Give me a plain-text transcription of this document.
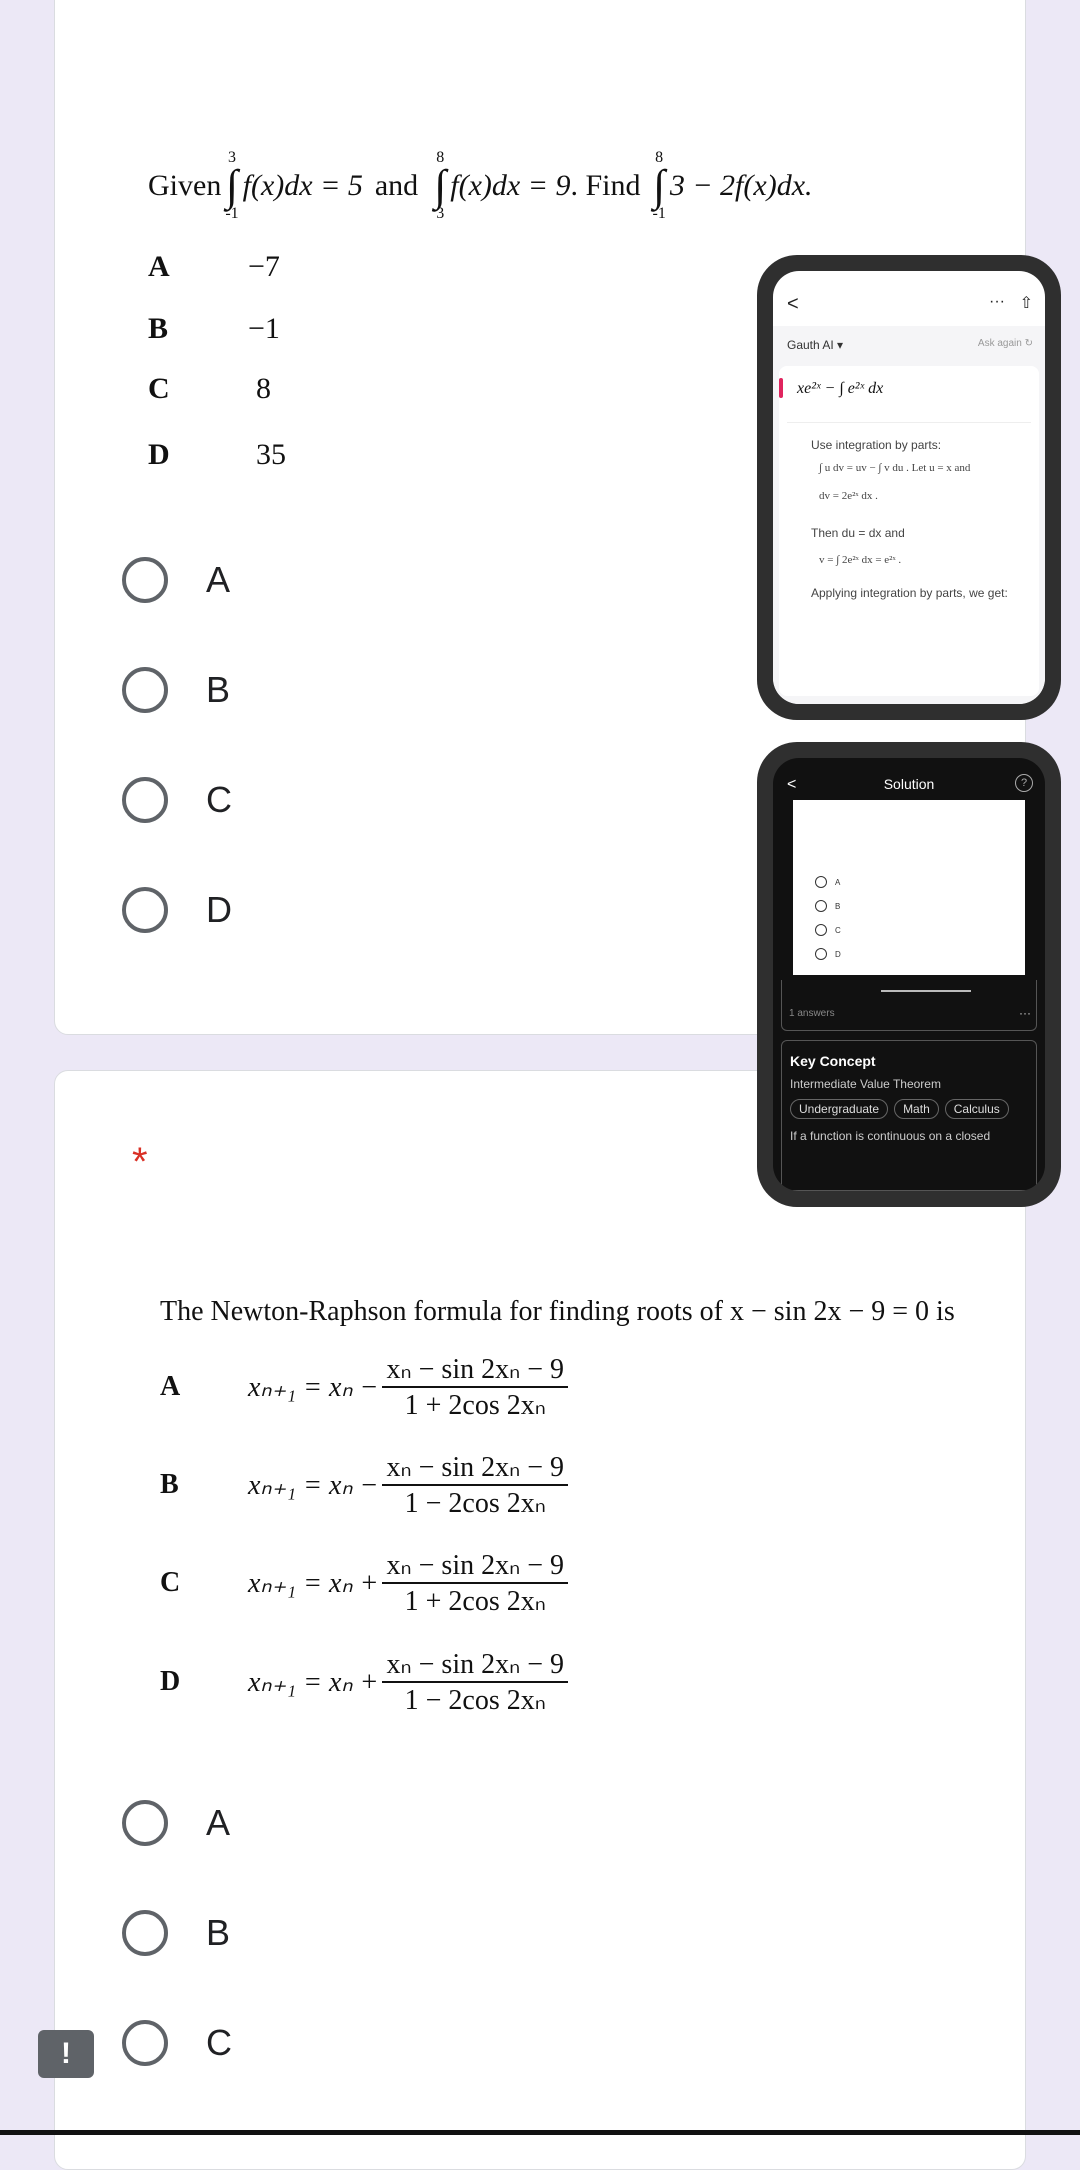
Given
3
∫
-1
f(x)dx = 5 and
8
∫
3
f(x)dx = 9 . Find
8
∫
-1
3 − 2f(x)dx.
A	−7
B	−1
C	8
D	35
A
B
C
D
*
The Newton-Raphson formula for finding roots of x − sin 2x − 9 = 0 is
A	$x_{n+1} = x_n - \frac{\text{xₙ − sin 2xₙ − 9}}{\text{1 + 2cos 2xₙ}}$
B	$x_{n+1} = x_n - \frac{\text{xₙ − sin 2xₙ − 9}}{\text{1 − 2cos 2xₙ}}$
C	$x_{n+1} = x_n + \frac{\text{xₙ − sin 2xₙ − 9}}{\text{1 + 2cos 2xₙ}}$
D	$x_{n+1} = x_n + \frac{\text{xₙ − sin 2xₙ − 9}}{\text{1 − 2cos 2xₙ}}$
A
B
C
<	··· ⇧
Gauth AI ▾	Ask again ↻
xe²ˣ − ∫ e²ˣ dx
Use integration by parts:
∫ u dv = uv − ∫ v du . Let u = x and
dv = 2e²ˣ dx .
Then du = dx and
v = ∫ 2e²ˣ dx = e²ˣ .
Applying integration by parts, we get:
<	Solution	?
A
B
C
D
1 answers	···
Key Concept
Intermediate Value Theorem
Undergraduate Math Calculus
If a function is continuous on a closed
!
